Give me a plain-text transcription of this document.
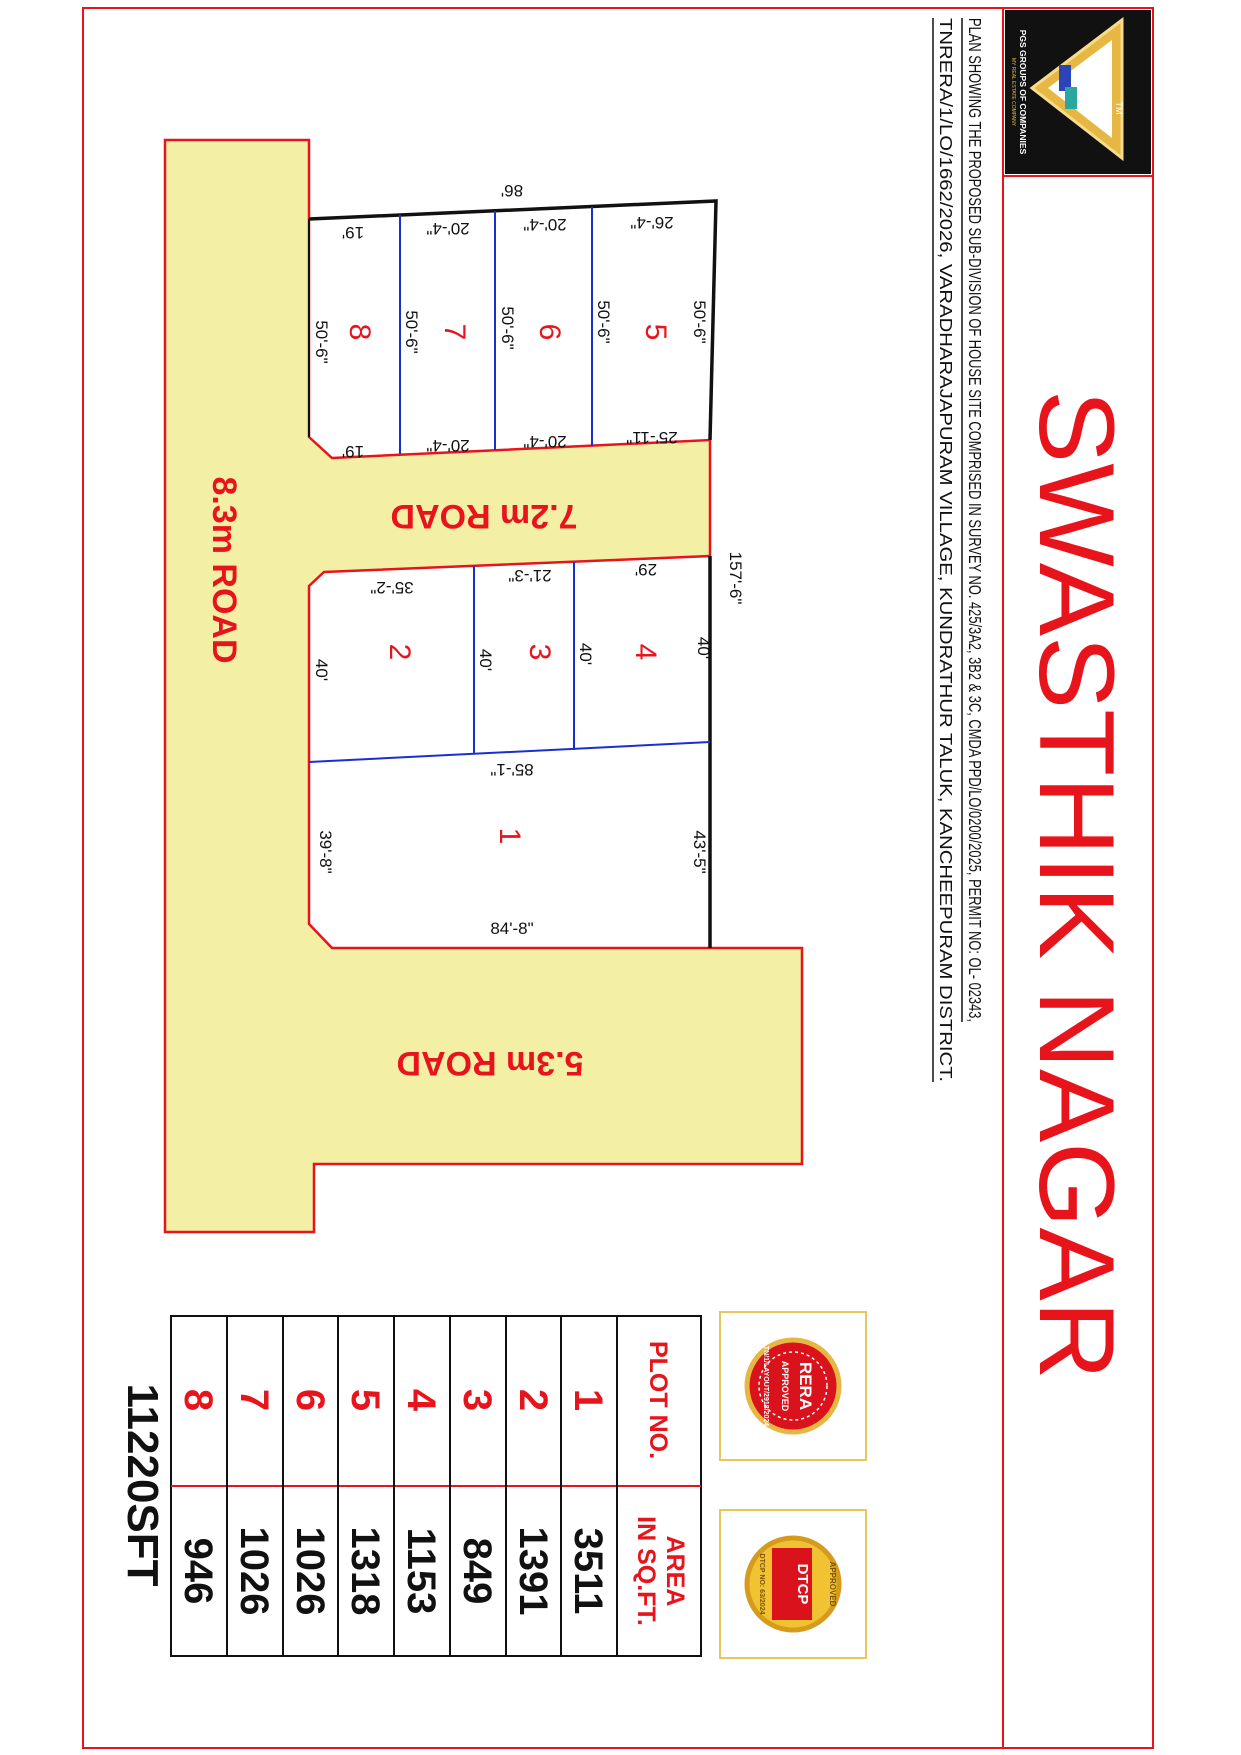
TM
PGS GROUPS OF COMPANIES
MY REAL ESTATE COMPANY
SWASTHIK NAGAR
PLAN SHOWING THE PROPOSED SUB-DIVISION OF HOUSE SITE COMPRISED IN SURVEY NO. 425/3A2, 3B2 & 3C, CMDA PPD/LO/0200/2025, PERMIT NO: OL- 02343,
TNRERA/1/LO/1662/2026, VARADHARAJAPURAM VILLAGE, KUNDRATHUR TALUK, KANCHEEPURAM DISTRICT.
8.3m ROAD	7.2m ROAD
5.3m ROAD
5
6
7
8
4
3
2
1
86'
26'-4"
20'-4"
20'-4"
19'
50'-6"
50'-6"
50'-6"
50'-6"
50'-6"
25'-11"
20'-4"
20'-4"
19'
157'-6"
29'
21'-3"
35'-2"
40'
40'
40'
40'
85'-1"
43'-5"
39'-8"
84'-8"
PLOT NO.
AREA
IN SQ.FT.
1
2
3
4
5
6
7
8
3511
1391
849
1153
1318
1026
1026
946
11220SFT	RERA
APPROVED
TN/1/LAYOUT/2918/2024
DTCP APPROVED
DTCP NO: 63/2024
